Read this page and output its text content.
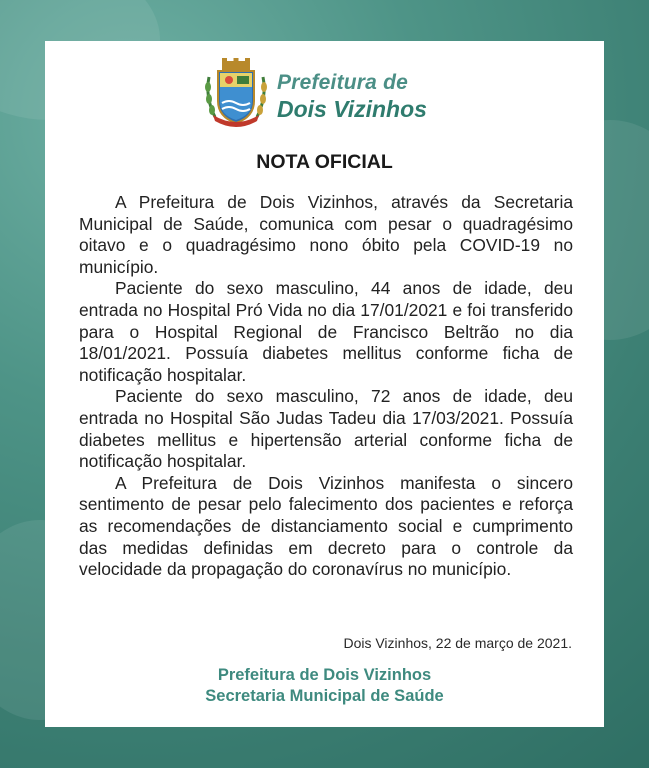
Prefeitura de
Dois Vizinhos
NOTA OFICIAL

A Prefeitura de Dois Vizinhos, através da Secretaria Municipal de Saúde, comunica com pesar o quadragésimo oitavo e o quadragésimo nono óbito pela COVID-19 no município.

Paciente do sexo masculino, 44 anos de idade, deu entrada no Hospital Pró Vida no dia 17/01/2021 e foi transferido para o Hospital Regional de Francisco Beltrão no dia 18/01/2021. Possuía diabetes mellitus conforme ficha de notificação hospitalar.

Paciente do sexo masculino, 72 anos de idade, deu entrada no Hospital São Judas Tadeu dia 17/03/2021. Possuía diabetes mellitus e hipertensão arterial conforme ficha de notificação hospitalar.

A Prefeitura de Dois Vizinhos manifesta o sincero sentimento de pesar pelo falecimento dos pacientes e reforça as recomendações de distanciamento social e cumprimento das medidas definidas em decreto para o controle da velocidade da propagação do coronavírus no município.

Dois Vizinhos, 22 de março de 2021.
Prefeitura de Dois Vizinhos
Secretaria Municipal de Saúde
